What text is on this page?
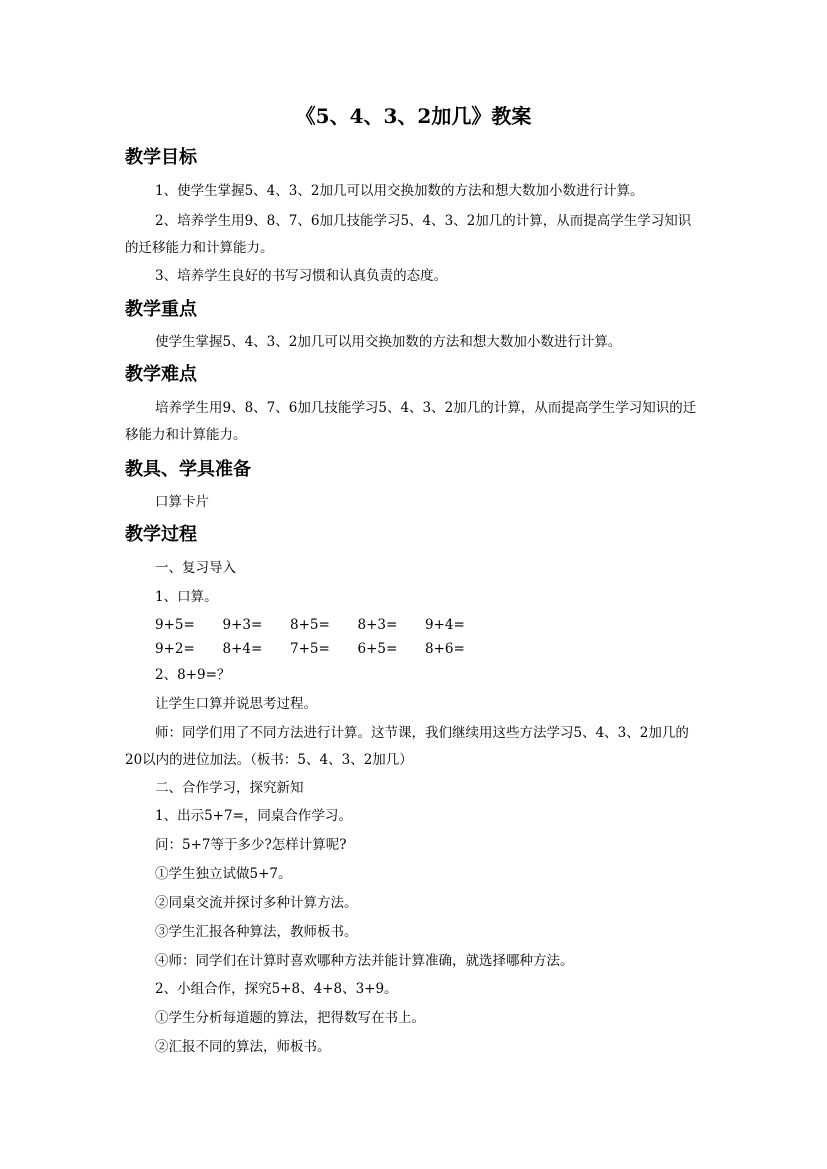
《5、4、3、2加几》教案
教学目标

1、使学生掌握5、4、3、2加几可以用交换加数的方法和想大数加小数进行计算。

2、培养学生用9、8、7、6加几技能学习5、4、3、2加几的计算，从而提高学生学习知识的迁移能力和计算能力。

3、培养学生良好的书写习惯和认真负责的态度。

教学重点

使学生掌握5、4、3、2加几可以用交换加数的方法和想大数加小数进行计算。

教学难点

培养学生用9、8、7、6加几技能学习5、4、3、2加几的计算，从而提高学生学习知识的迁移能力和计算能力。

教具、学具准备

口算卡片

教学过程

一、复习导入

1、口算。

9+5=	9+3=	8+5=	8+3=	9+4=
9+2=	8+4=	7+5=	6+5=	8+6=

2、8+9=？

让学生口算并说思考过程。

师：同学们用了不同方法进行计算。这节课，我们继续用这些方法学习5、4、3、2加几的20以内的进位加法。（板书：5、4、3、2加几）

二、合作学习，探究新知

1、出示5+7=，同桌合作学习。

问：5+7等于多少?怎样计算呢?

①学生独立试做5+7。

②同桌交流并探讨多种计算方法。

③学生汇报各种算法，教师板书。

④师：同学们在计算时喜欢哪种方法并能计算准确，就选择哪种方法。

2、小组合作，探究5+8、4+8、3+9。

①学生分析每道题的算法，把得数写在书上。

②汇报不同的算法，师板书。
